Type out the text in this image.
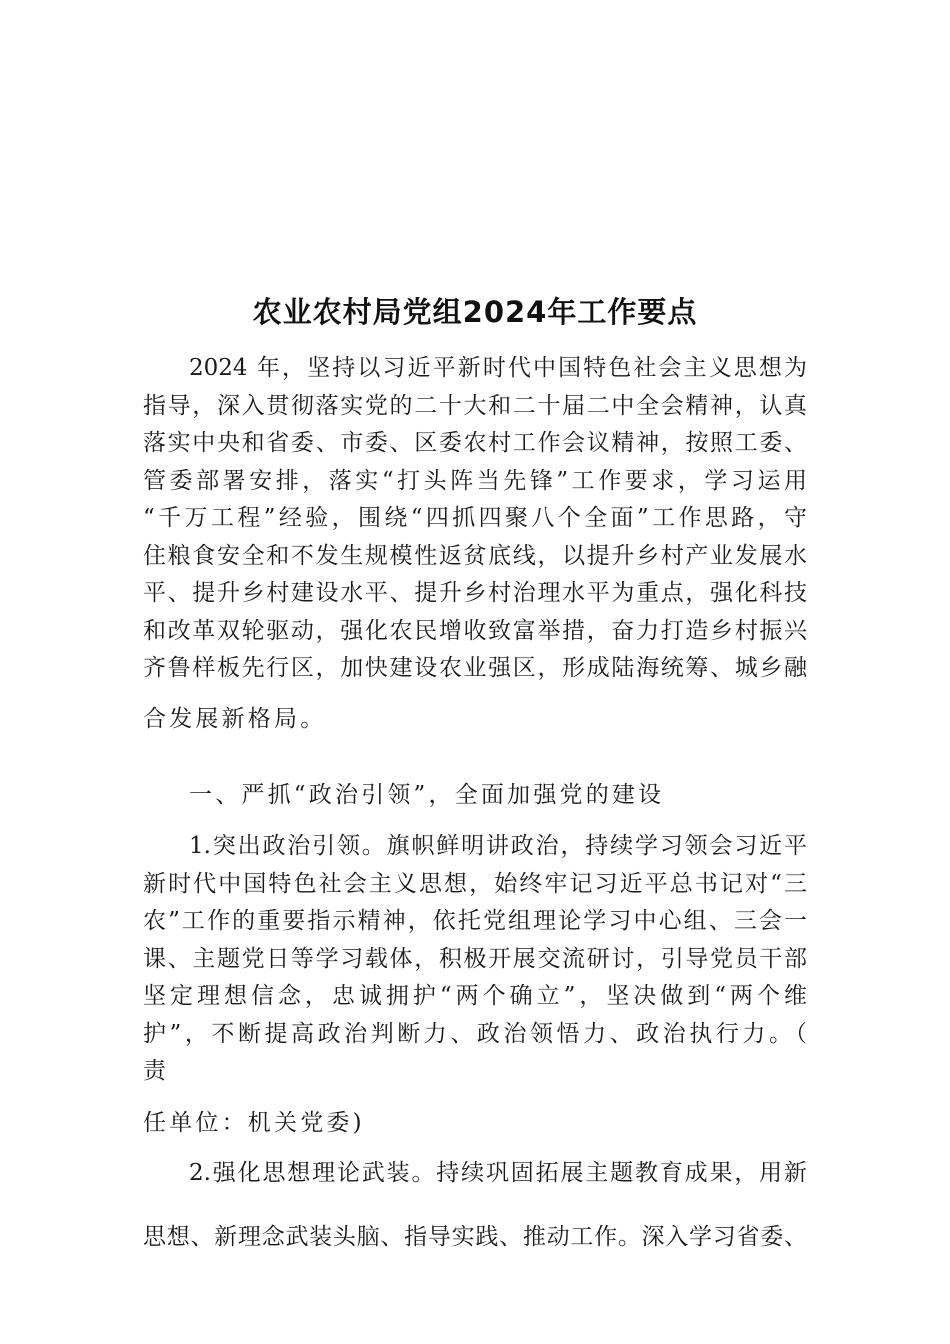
农业农村局党组2024年工作要点
2024 年，坚持以习近平新时代中国特色社会主义思想为
指导，深入贯彻落实党的二十大和二十届二中全会精神，认真
落实中央和省委、市委、区委农村工作会议精神，按照工委、
管委部署安排，落实“打头阵当先锋”工作要求，学习运用
“千万工程”经验，围绕“四抓四聚八个全面”工作思路，守
住粮食安全和不发生规模性返贫底线，以提升乡村产业发展水
平、提升乡村建设水平、提升乡村治理水平为重点，强化科技
和改革双轮驱动，强化农民增收致富举措，奋力打造乡村振兴
齐鲁样板先行区，加快建设农业强区，形成陆海统筹、城乡融
合发展新格局。
一、严抓“政治引领”，全面加强党的建设
1.突出政治引领。旗帜鲜明讲政治，持续学习领会习近平
新时代中国特色社会主义思想，始终牢记习近平总书记对“三
农”工作的重要指示精神，依托党组理论学习中心组、三会一
课、主题党日等学习载体，积极开展交流研讨，引导党员干部
坚定理想信念，忠诚拥护“两个确立”，坚决做到“两个维
护”，不断提高政治判断力、政治领悟力、政治执行力。（
责
任单位：机关党委)
2.强化思想理论武装。持续巩固拓展主题教育成果，用新
思想、新理念武装头脑、指导实践、推动工作。深入学习省委、
